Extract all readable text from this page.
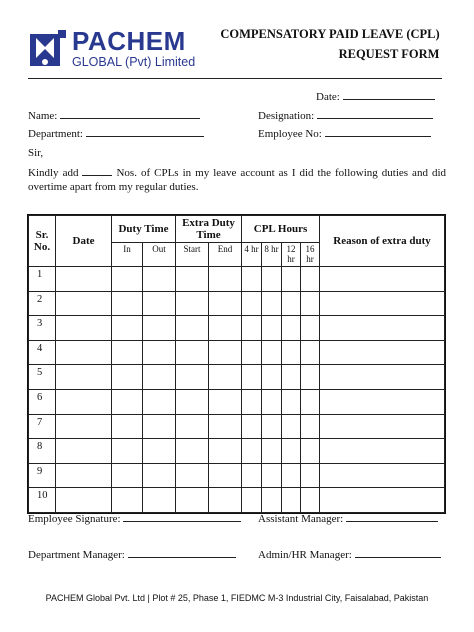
PACHEM
GLOBAL (Pvt) Limited
COMPENSATORY PAID LEAVE (CPL)
REQUEST FORM
Date:
Name:	Designation:
Department:	Employee No:
Sir,
Kindly add	Nos. of CPLs in my leave account as I did the following duties and did overtime apart from my regular duties.
Sr. No.	Date	Duty Time		Extra Duty Time		CPL Hours				Reason of extra duty
		In	Out	Start	End	4 hr	8 hr	12 hr	16 hr	
1										
2										
3										
4										
5										
6										
7										
8										
9										
10										
Employee Signature:	Assistant Manager:
Department Manager:	Admin/HR Manager:
PACHEM Global Pvt. Ltd | Plot # 25, Phase 1, FIEDMC M-3 Industrial City, Faisalabad, Pakistan
